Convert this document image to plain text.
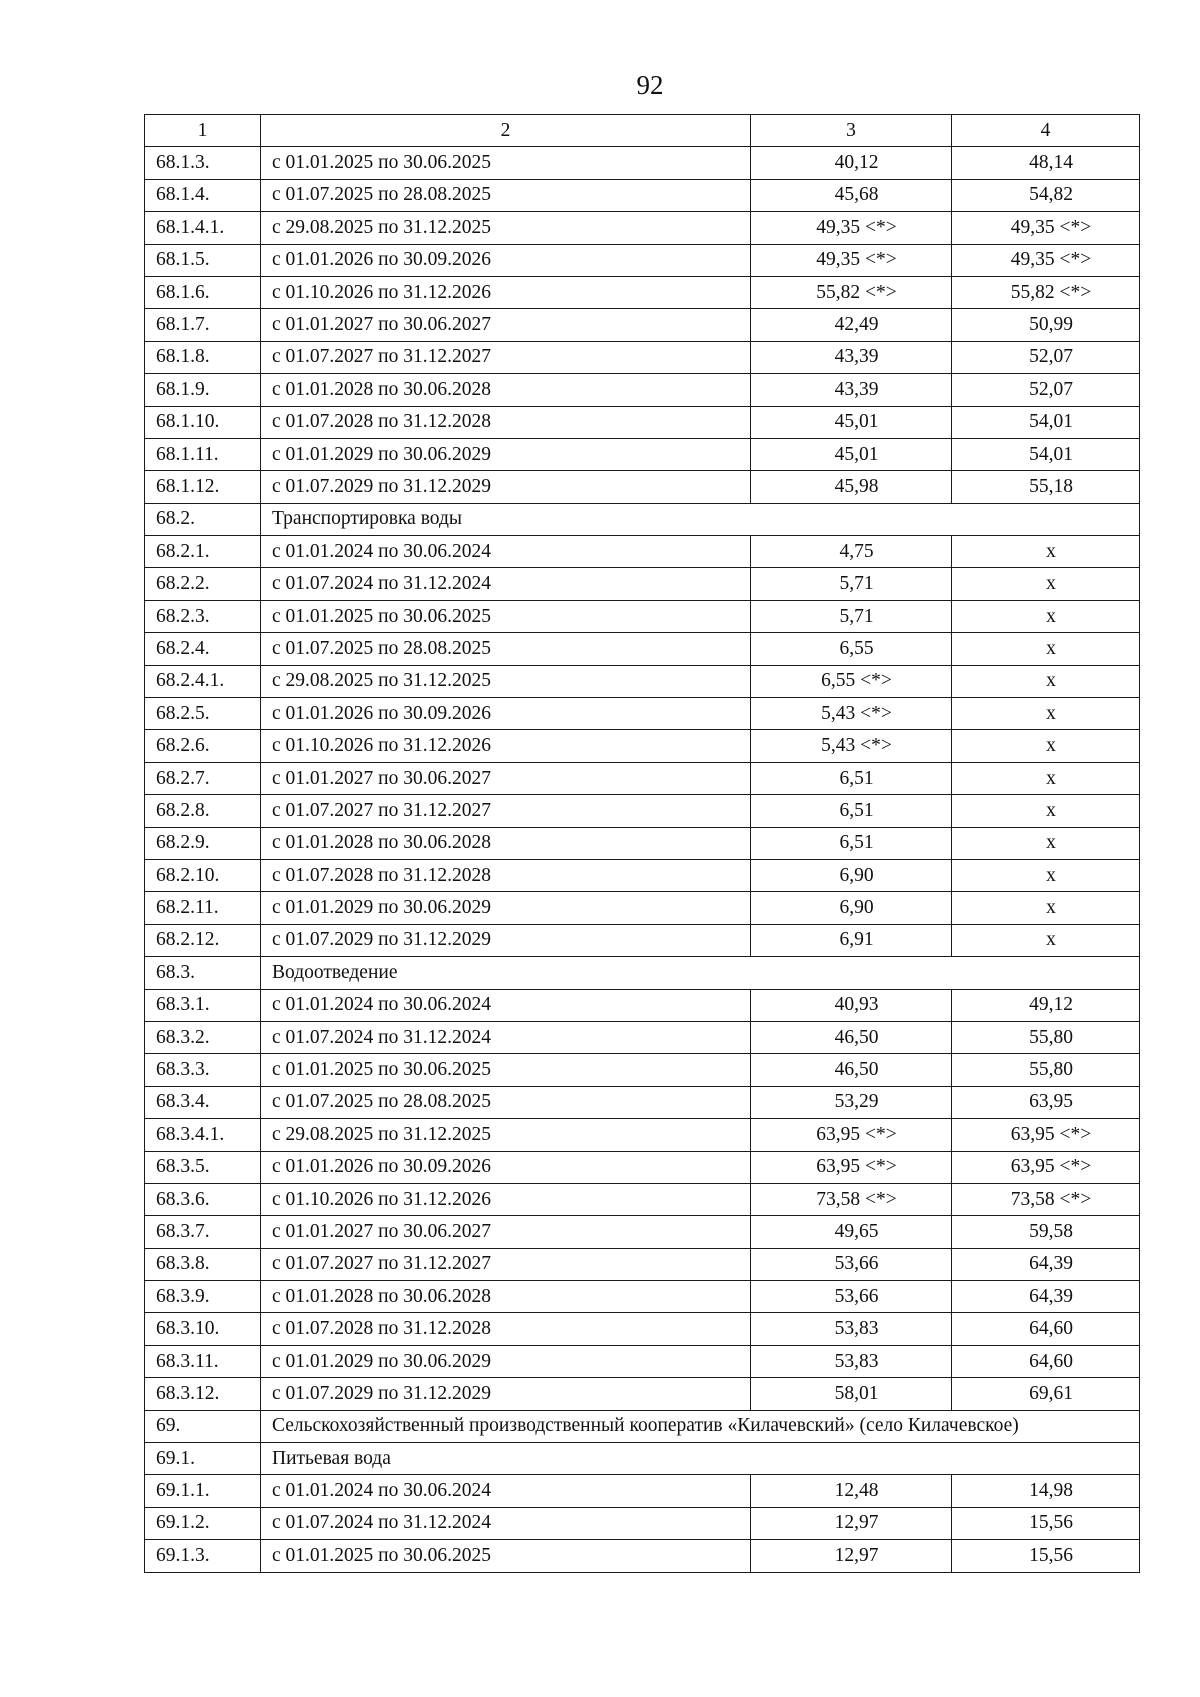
92
1	2	3	4
68.1.3.	с 01.01.2025 по 30.06.2025	40,12	48,14
68.1.4.	с 01.07.2025 по 28.08.2025	45,68	54,82
68.1.4.1.	с 29.08.2025 по 31.12.2025	49,35 <*>	49,35 <*>
68.1.5.	с 01.01.2026 по 30.09.2026	49,35 <*>	49,35 <*>
68.1.6.	с 01.10.2026 по 31.12.2026	55,82 <*>	55,82 <*>
68.1.7.	с 01.01.2027 по 30.06.2027	42,49	50,99
68.1.8.	с 01.07.2027 по 31.12.2027	43,39	52,07
68.1.9.	с 01.01.2028 по 30.06.2028	43,39	52,07
68.1.10.	с 01.07.2028 по 31.12.2028	45,01	54,01
68.1.11.	с 01.01.2029 по 30.06.2029	45,01	54,01
68.1.12.	с 01.07.2029 по 31.12.2029	45,98	55,18
68.2.	Транспортировка воды		
68.2.1.	с 01.01.2024 по 30.06.2024	4,75	х
68.2.2.	с 01.07.2024 по 31.12.2024	5,71	х
68.2.3.	с 01.01.2025 по 30.06.2025	5,71	х
68.2.4.	с 01.07.2025 по 28.08.2025	6,55	х
68.2.4.1.	с 29.08.2025 по 31.12.2025	6,55 <*>	х
68.2.5.	с 01.01.2026 по 30.09.2026	5,43 <*>	х
68.2.6.	с 01.10.2026 по 31.12.2026	5,43 <*>	х
68.2.7.	с 01.01.2027 по 30.06.2027	6,51	х
68.2.8.	с 01.07.2027 по 31.12.2027	6,51	х
68.2.9.	с 01.01.2028 по 30.06.2028	6,51	х
68.2.10.	с 01.07.2028 по 31.12.2028	6,90	х
68.2.11.	с 01.01.2029 по 30.06.2029	6,90	х
68.2.12.	с 01.07.2029 по 31.12.2029	6,91	х
68.3.	Водоотведение		
68.3.1.	с 01.01.2024 по 30.06.2024	40,93	49,12
68.3.2.	с 01.07.2024 по 31.12.2024	46,50	55,80
68.3.3.	с 01.01.2025 по 30.06.2025	46,50	55,80
68.3.4.	с 01.07.2025 по 28.08.2025	53,29	63,95
68.3.4.1.	с 29.08.2025 по 31.12.2025	63,95 <*>	63,95 <*>
68.3.5.	с 01.01.2026 по 30.09.2026	63,95 <*>	63,95 <*>
68.3.6.	с 01.10.2026 по 31.12.2026	73,58 <*>	73,58 <*>
68.3.7.	с 01.01.2027 по 30.06.2027	49,65	59,58
68.3.8.	с 01.07.2027 по 31.12.2027	53,66	64,39
68.3.9.	с 01.01.2028 по 30.06.2028	53,66	64,39
68.3.10.	с 01.07.2028 по 31.12.2028	53,83	64,60
68.3.11.	с 01.01.2029 по 30.06.2029	53,83	64,60
68.3.12.	с 01.07.2029 по 31.12.2029	58,01	69,61
69.	Сельскохозяйственный производственный кооператив «Килачевский» (село Килачевское)		
69.1.	Питьевая вода		
69.1.1.	с 01.01.2024 по 30.06.2024	12,48	14,98
69.1.2.	с 01.07.2024 по 31.12.2024	12,97	15,56
69.1.3.	с 01.01.2025 по 30.06.2025	12,97	15,56
